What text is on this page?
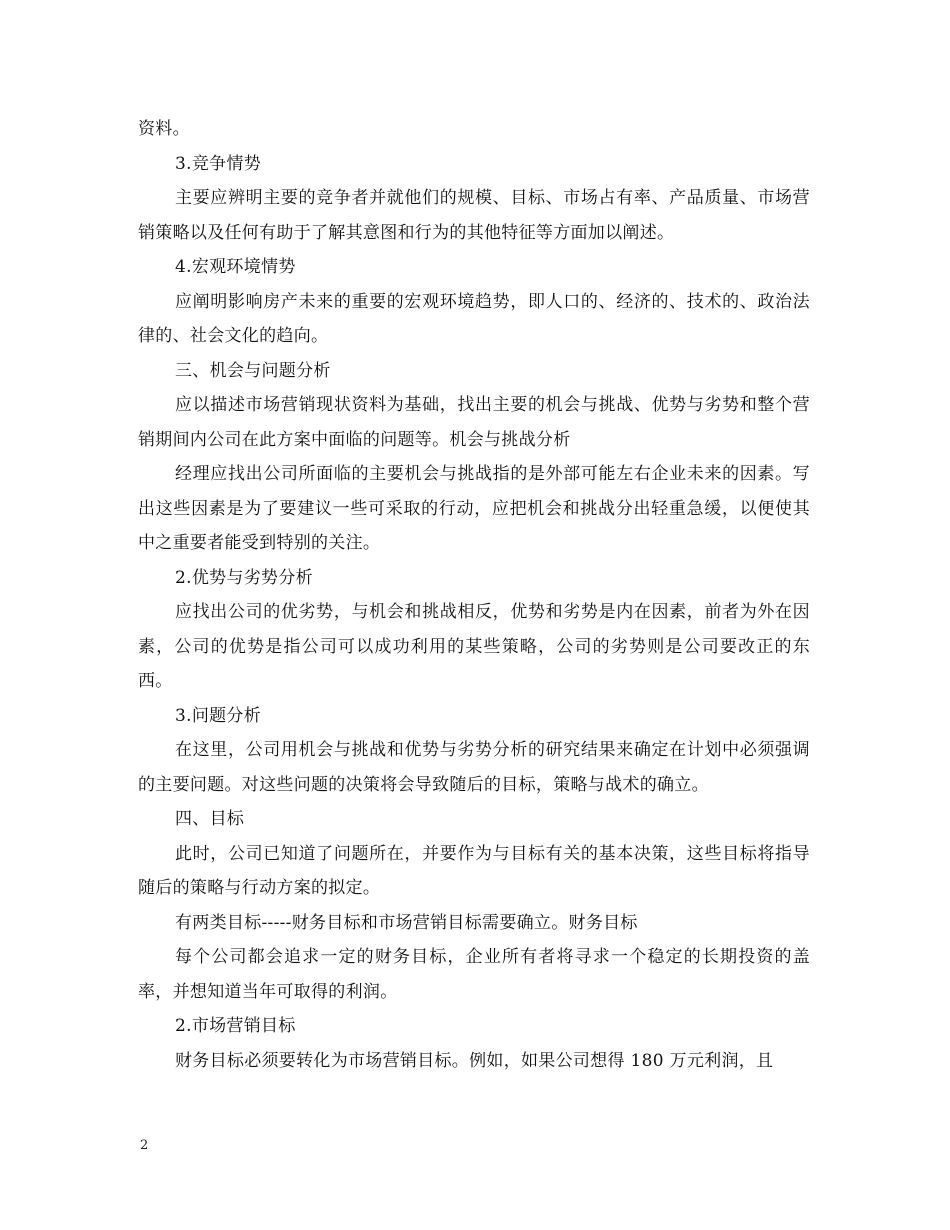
资料。

3.竞争情势

主要应辨明主要的竞争者并就他们的规模、目标、市场占有率、产品质量、市场营销策略以及任何有助于了解其意图和行为的其他特征等方面加以阐述。

4.宏观环境情势

应阐明影响房产未来的重要的宏观环境趋势，即人口的、经济的、技术的、政治法律的、社会文化的趋向。

三、机会与问题分析

应以描述市场营销现状资料为基础，找出主要的机会与挑战、优势与劣势和整个营销期间内公司在此方案中面临的问题等。机会与挑战分析

经理应找出公司所面临的主要机会与挑战指的是外部可能左右企业未来的因素。写出这些因素是为了要建议一些可采取的行动，应把机会和挑战分出轻重急缓，以便使其中之重要者能受到特别的关注。

2.优势与劣势分析

应找出公司的优劣势，与机会和挑战相反，优势和劣势是内在因素，前者为外在因素，公司的优势是指公司可以成功利用的某些策略，公司的劣势则是公司要改正的东西。

3.问题分析

在这里，公司用机会与挑战和优势与劣势分析的研究结果来确定在计划中必须强调的主要问题。对这些问题的决策将会导致随后的目标，策略与战术的确立。

四、目标

此时，公司已知道了问题所在，并要作为与目标有关的基本决策，这些目标将指导随后的策略与行动方案的拟定。

有两类目标-----财务目标和市场营销目标需要确立。财务目标

每个公司都会追求一定的财务目标，企业所有者将寻求一个稳定的长期投资的盖率，并想知道当年可取得的利润。

2.市场营销目标

财务目标必须要转化为市场营销目标。例如，如果公司想得 180 万元利润，且

2
